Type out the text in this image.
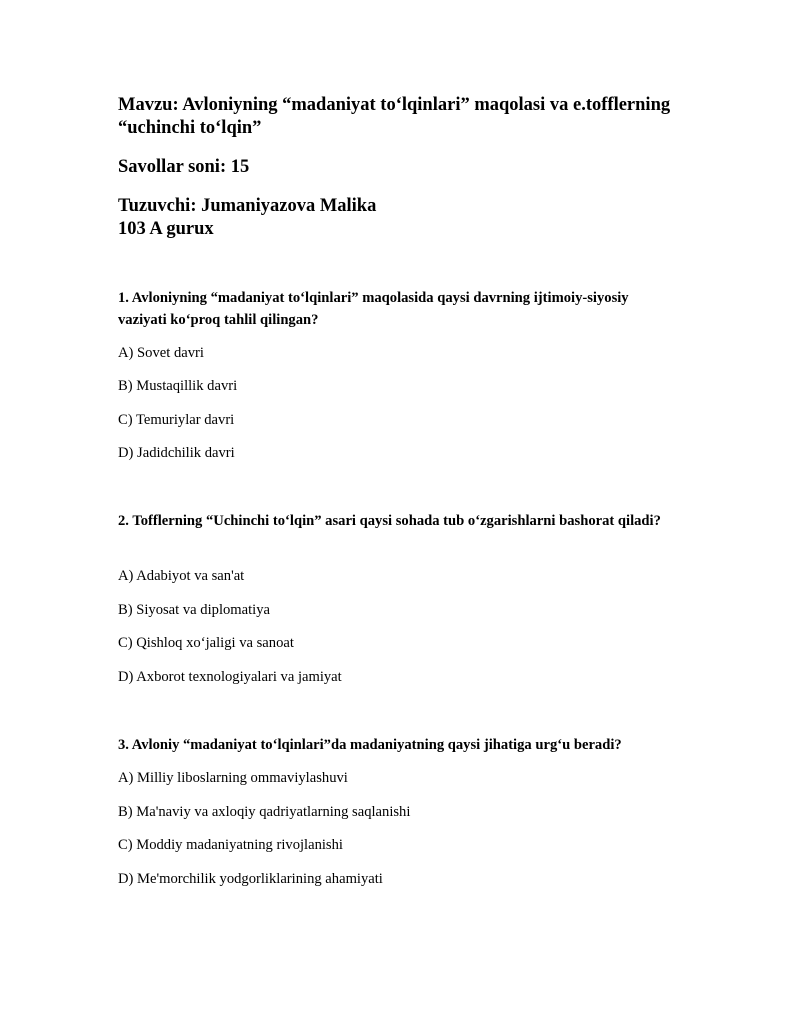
Mavzu: Avloniyning “madaniyat to‘lqinlari” maqolasi va e.tofflerning “uchinchi to‘lqin”

Savollar soni: 15

Tuzuvchi: Jumaniyazova Malika

103 A gurux

1. Avloniyning “madaniyat to‘lqinlari” maqolasida qaysi davrning ijtimoiy-siyosiy vaziyati ko‘proq tahlil qilingan?

A) Sovet davri

B) Mustaqillik davri

C) Temuriylar davri

D) Jadidchilik davri

2. Tofflerning “Uchinchi to‘lqin” asari qaysi sohada tub o‘zgarishlarni bashorat qiladi?

A) Adabiyot va san'at

B) Siyosat va diplomatiya

C) Qishloq xo‘jaligi va sanoat

D) Axborot texnologiyalari va jamiyat

3. Avloniy “madaniyat to‘lqinlari”da madaniyatning qaysi jihatiga urg‘u beradi?

A) Milliy liboslarning ommaviylashuvi

B) Ma'naviy va axloqiy qadriyatlarning saqlanishi

C) Moddiy madaniyatning rivojlanishi

D) Me'morchilik yodgorliklarining ahamiyati
